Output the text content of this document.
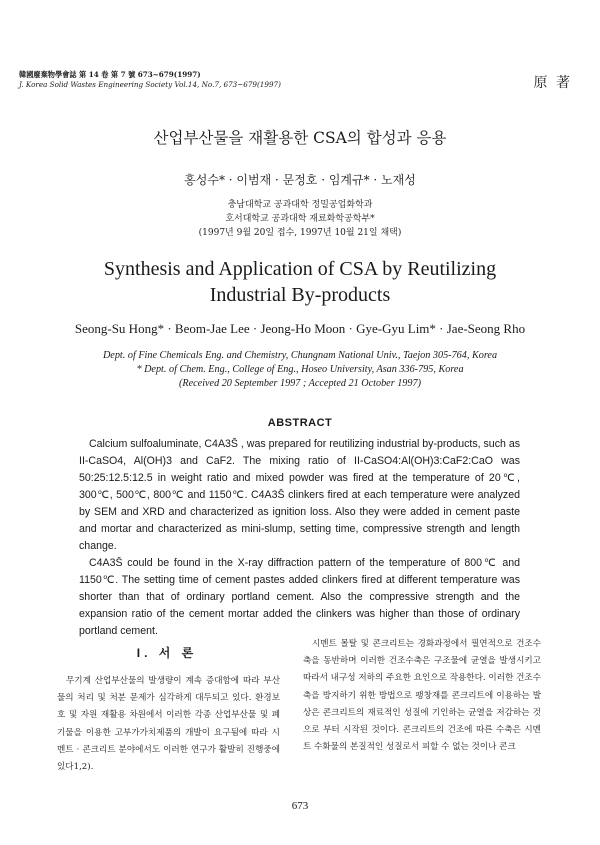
韓國廢棄物學會誌 第 14 卷 第 7 號 673~679(1997)
J. Korea Solid Wastes Engineering Society Vol.14, No.7, 673~679(1997)	原 著
산업부산물을 재활용한 CSA의 합성과 응용
홍성수* · 이범재 · 문정호 · 임계규* · 노재성
충남대학교 공과대학 정밀공업화학과
호서대학교 공과대학 재료화학공학부*
(1997년 9월 20일 접수, 1997년 10월 21일 채택)
Synthesis and Application of CSA by Reutilizing
Industrial By-products
Seong-Su Hong* · Beom-Jae Lee · Jeong-Ho Moon · Gye-Gyu Lim* · Jae-Seong Rho
Dept. of Fine Chemicals Eng. and Chemistry, Chungnam National Univ., Taejon 305-764, Korea
* Dept. of Chem. Eng., College of Eng., Hoseo University, Asan 336-795, Korea
(Received 20 September 1997 ; Accepted 21 October 1997)
ABSTRACT

Calcium sulfoaluminate, C4A3S̄ , was prepared for reutilizing industrial by-products, such as II-CaSO4, Al(OH)3 and CaF2. The mixing ratio of II-CaSO4:Al(OH)3:CaF2:CaO was 50:25:12.5:12.5 in weight ratio and mixed powder was fired at the temperature of 20℃, 300℃, 500℃, 800℃ and 1150℃. C4A3S̄ clinkers fired at each temperature were analyzed by SEM and XRD and characterized as ignition loss. Also they were added in cement paste and mortar and characterized as mini-slump, setting time, compressive strength and length change.

C4A3S̄ could be found in the X-ray diffraction pattern of the temperature of 800℃ and 1150℃. The setting time of cement pastes added clinkers fired at different temperature was shorter than that of ordinary portland cement. Also the compressive strength and the expansion ratio of the cement mortar added the clinkers was higher than those of ordinary portland cement.

I. 서 론

무기계 산업부산물의 발생량이 계속 증대함에 따라 부산물의 처리 및 처분 문제가 심각하게 대두되고 있다. 환경보호 및 자원 재활용 차원에서 이러한 각종 산업부산물 및 폐기물을 이용한 고부가가치제품의 개발이 요구됨에 따라 시멘트 · 콘크리트 분야에서도 이러한 연구가 활발히 진행중에 있다1,2).

시멘트 몰탈 및 콘크리트는 경화과정에서 필연적으로 건조수축을 동반하며 이러한 건조수축은 구조물에 균열을 발생시키고 따라서 내구성 저하의 주요한 요인으로 작용한다. 이러한 건조수축을 방지하기 위한 방법으로 팽창재를 콘크리트에 이용하는 발상은 콘크리트의 재료적인 성질에 기인하는 균열을 저감하는 것으로 부터 시작된 것이다. 콘크리트의 건조에 따른 수축은 시멘트 수화물의 본질적인 성질로서 피할 수 없는 것이나 콘크

673
